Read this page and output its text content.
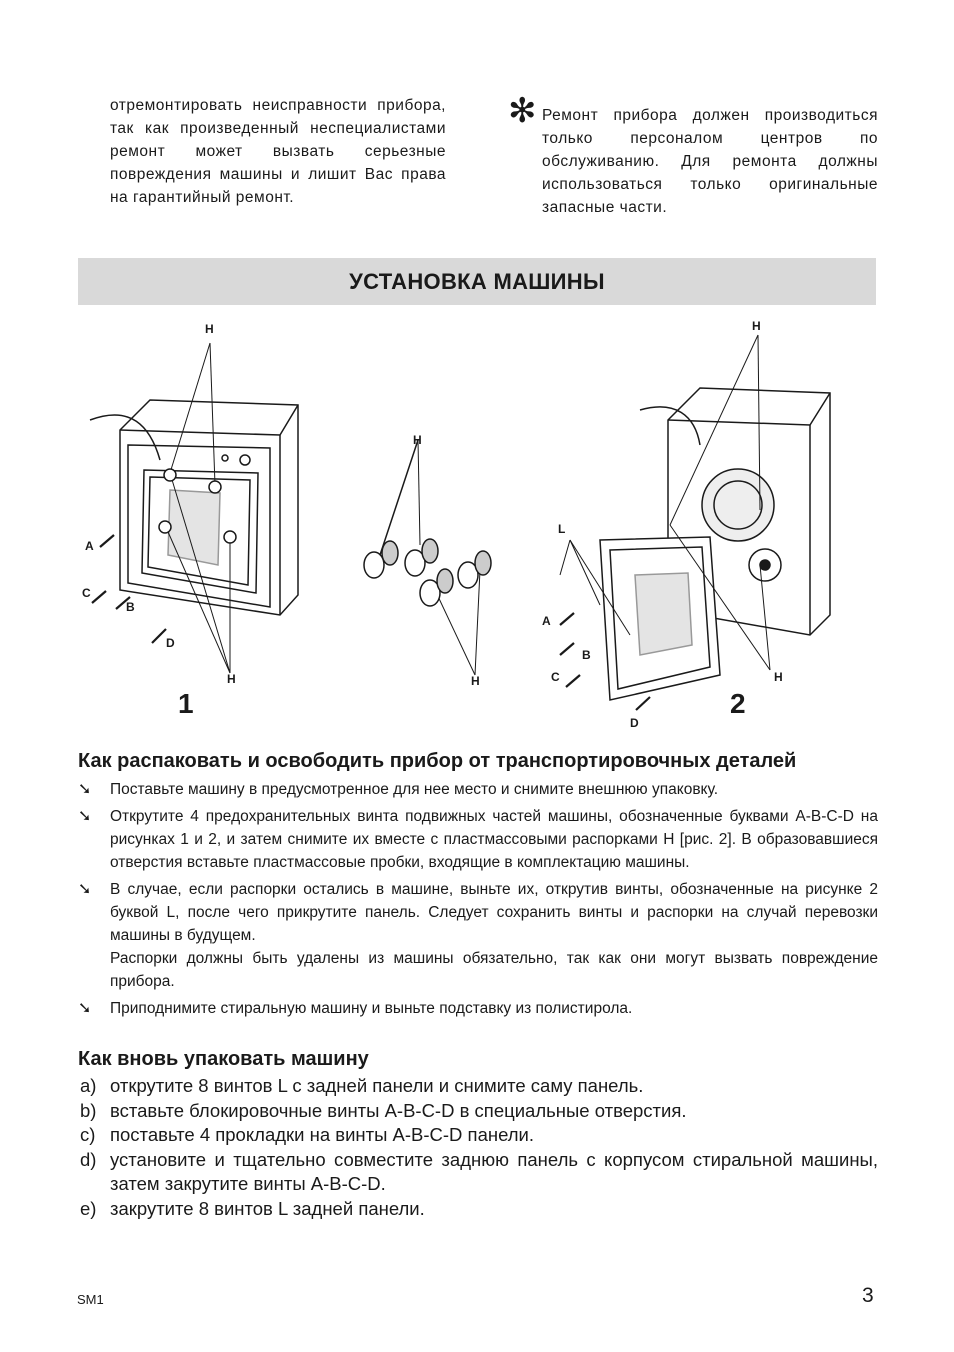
отремонтировать неисправности прибора, так как произведенный неспециалистами ремонт может вызвать серьезные повреждения машины и лишит Вас права на гарантийный ремонт.
✻ Ремонт прибора должен производиться только персоналом центров по обслуживанию. Для ремонта должны использоваться только оригинальные запасные части.
УСТАНОВКА МАШИНЫ
H
A
C
B
D
H
H
H
H
L
A
B
C
D
H
1	2
Как распаковать и освободить прибор от транспортировочных деталей
➘ Поставьте машину в предусмотренное для нее место и снимите внешнюю упаковку.
➘ Открутите 4 предохранительных винта подвижных частей машины, обозначенные буквами A-B-C-D на рисунках 1 и 2, и затем снимите их вместе с пластмассовыми распорками H [рис. 2]. В образовавшиеся отверстия вставьте пластмассовые пробки, входящие в комплектацию машины.
➘ В случае, если распорки остались в машине, выньте их, открутив винты, обозначенные на рисунке 2 буквой L, после чего прикрутите панель. Следует сохранить винты и распорки на случай перевозки машины в будущем.
Распорки должны быть удалены из машины обязательно, так как они могут вызвать повреждение прибора.
➘ Приподнимите стиральную машину и выньте подставку из полистирола.
Как вновь упаковать машину
a) открутите 8 винтов L с задней панели и снимите саму панель.
b) вставьте блокировочные винты A-B-C-D в специальные отверстия.
c) поставьте 4 прокладки на винты A-B-C-D панели.
d) установите и тщательно совместите заднюю панель с корпусом стиральной машины, затем закрутите винты A-B-C-D.
e) закрутите 8 винтов L задней панели.
SM1	3
